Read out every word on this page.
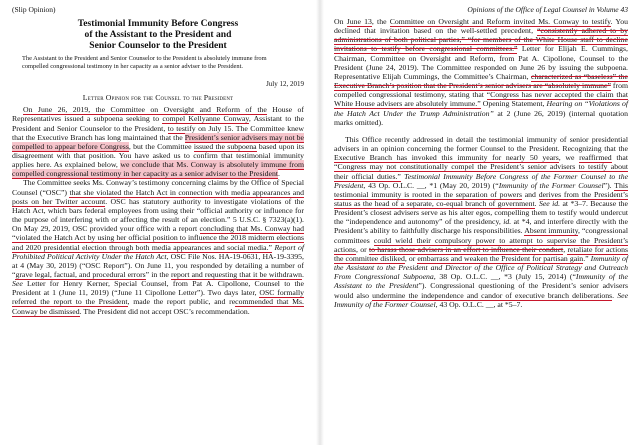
(Slip Opinion)
Testimonial Immunity Before Congress
of the Assistant to the President and
Senior Counselor to the President
The Assistant to the President and Senior Counselor to the President is absolutely immune from compelled congressional testimony in her capacity as a senior adviser to the President.
July 12, 2019
Letter Opinion for the Counsel to the President

On June 26, 2019, the Committee on Oversight and Reform of the House of Representatives issued a subpoena seeking to compel Kellyanne Conway, Assistant to the President and Senior Counselor to the President, to testify on July 15. The Committee knew that the Executive Branch has long maintained that the President’s senior advisers may not be compelled to appear before Congress, but the Committee issued the subpoena based upon its disagreement with that position. You have asked us to confirm that testimonial immunity applies here. As explained below, we conclude that Ms. Conway is absolutely immune from compelled congressional testimony in her capacity as a senior adviser to the President.

The Committee seeks Ms. Conway’s testimony concerning claims by the Office of Special Counsel (“OSC”) that she violated the Hatch Act in connection with media appearances and posts on her Twitter account. OSC has statutory authority to investigate violations of the Hatch Act, which bars federal employees from using their “official authority or influence for the purpose of interfering with or affecting the result of an election.” 5 U.S.C. § 7323(a)(1). On May 29, 2019, OSC provided your office with a report concluding that Ms. Conway had “violated the Hatch Act by using her official position to influence the 2018 midterm elections and 2020 presidential election through both media appearances and social media.” Report of Prohibited Political Activity Under the Hatch Act, OSC File Nos. HA-19-0631, HA-19-3395, at 4 (May 30, 2019) (“OSC Report”). On June 11, you responded by detailing a number of “grave legal, factual, and procedural errors” in the report and requesting that it be withdrawn. See Letter for Henry Kerner, Special Counsel, from Pat A. Cipollone, Counsel to the President at 1 (June 11, 2019) (“June 11 Cipollone Letter”). Two days later, OSC formally referred the report to the President, made the report public, and recommended that Ms. Conway be dismissed. The President did not accept OSC’s recommendation.

Opinions of the Office of Legal Counsel in Volume 43

On June 13, the Committee on Oversight and Reform invited Ms. Conway to testify. You declined that invitation based on the well-settled precedent, “consistently adhered to by administrations of both political parties,” “for members of the White House staff to decline invitations to testify before congressional committees.” Letter for Elijah E. Cummings, Chairman, Committee on Oversight and Reform, from Pat A. Cipollone, Counsel to the President (June 24, 2019). The Committee responded on June 26 by issuing the subpoena. Representative Elijah Cummings, the Committee’s Chairman, characterized as “baseless” the Executive Branch’s position that the President’s senior advisers are “absolutely immune” from compelled congressional testimony, stating that “Congress has never accepted the claim that White House advisers are absolutely immune.” Opening Statement, Hearing on “Violations of the Hatch Act Under the Trump Administration” at 2 (June 26, 2019) (internal quotation marks omitted).

This Office recently addressed in detail the testimonial immunity of senior presidential advisers in an opinion concerning the former Counsel to the President. Recognizing that the Executive Branch has invoked this immunity for nearly 50 years, we reaffirmed that “Congress may not constitutionally compel the President’s senior advisers to testify about their official duties.” Testimonial Immunity Before Congress of the Former Counsel to the President, 43 Op. O.L.C. __, *1 (May 20, 2019) (“Immunity of the Former Counsel”). This testimonial immunity is rooted in the separation of powers and derives from the President’s status as the head of a separate, co-equal branch of government. See id. at *3–7. Because the President’s closest advisers serve as his alter egos, compelling them to testify would undercut the “independence and autonomy” of the presidency, id. at *4, and interfere directly with the President’s ability to faithfully discharge his responsibilities. Absent immunity, “congressional committees could wield their compulsory power to attempt to supervise the President’s actions, or to harass those advisers in an effort to influence their conduct, retaliate for actions the committee disliked, or embarrass and weaken the President for partisan gain.” Immunity of the Assistant to the President and Director of the Office of Political Strategy and Outreach From Congressional Subpoena, 38 Op. O.L.C. __, *3 (July 15, 2014) (“Immunity of the Assistant to the President”). Congressional questioning of the President’s senior advisers would also undermine the independence and candor of executive branch deliberations. See Immunity of the Former Counsel, 43 Op. O.L.C. __, at *5–7.
